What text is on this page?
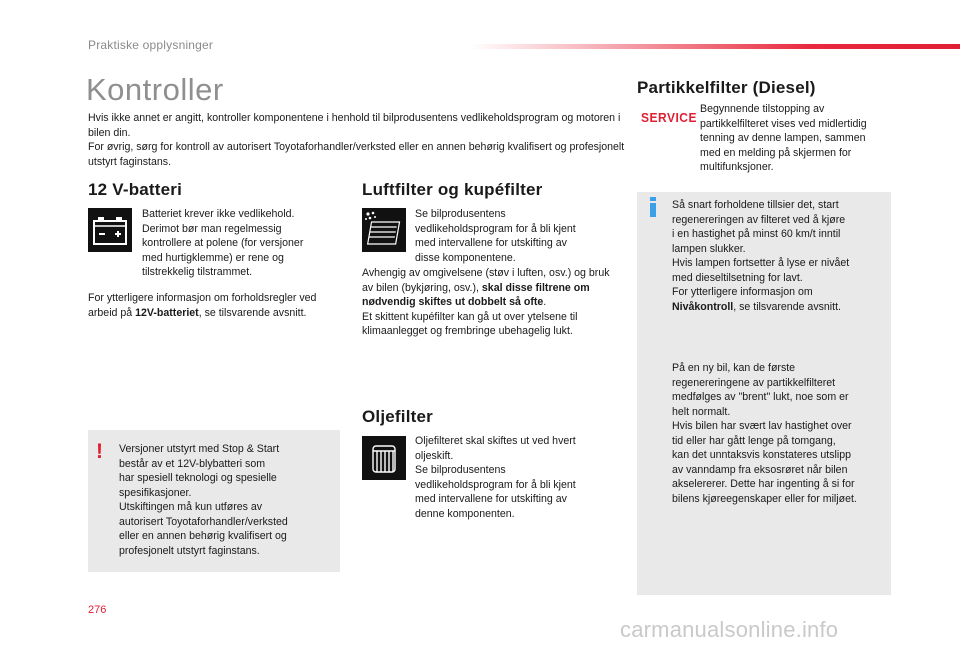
Praktiske opplysninger
Kontroller

Hvis ikke annet er angitt, kontroller komponentene i henhold til bilprodusentens vedlikeholdsprogram og motoren i bilen din.

For øvrig, sørg for kontroll av autorisert Toyotaforhandler/verksted eller en annen behørig kvalifisert og profesjonelt utstyrt faginstans.

12 V-batteri

Batteriet krever ikke vedlikehold.

Derimot bør man regelmessig

kontrollere at polene (for versjoner

med hurtigklemme) er rene og

tilstrekkelig tilstrammet.

For ytterligere informasjon om forholdsregler ved arbeid på 12V-batteriet, se tilsvarende avsnitt.
! Versjoner utstyrt med Stop & Start

består av et 12V-blybatteri som

har spesiell teknologi og spesielle

spesifikasjoner.

Utskiftingen må kun utføres av

autorisert Toyotaforhandler/verksted

eller en annen behørig kvalifisert og

profesjonelt utstyrt faginstans.

Luftfilter og kupéfilter

Se bilprodusentens

vedlikeholdsprogram for å bli kjent

med intervallene for utskifting av

disse komponentene.

Avhengig av omgivelsene (støv i luften, osv.) og bruk av bilen (bykjøring, osv.), skal disse filtrene om nødvendig skiftes ut dobbelt så ofte.

Et skittent kupéfilter kan gå ut over ytelsene til klimaanlegget og frembringe ubehagelig lukt.

Oljefilter

Oljefilteret skal skiftes ut ved hvert

oljeskift.

Se bilprodusentens

vedlikeholdsprogram for å bli kjent

med intervallene for utskifting av

denne komponenten.

Partikkelfilter (Diesel)
SERVICE

Begynnende tilstopping av

partikkelfilteret vises ved midlertidig

tenning av denne lampen, sammen

med en melding på skjermen for

multifunksjoner.

Så snart forholdene tillsier det, start

regenereringen av filteret ved å kjøre

i en hastighet på minst 60 km/t inntil

lampen slukker.

Hvis lampen fortsetter å lyse er nivået

med dieseltilsetning for lavt.

For ytterligere informasjon om

Nivåkontroll, se tilsvarende avsnitt.

På en ny bil, kan de første

regenereringene av partikkelfilteret

medfølges av "brent" lukt, noe som er

helt normalt.

Hvis bilen har svært lav hastighet over

tid eller har gått lenge på tomgang,

kan det unntaksvis konstateres utslipp

av vanndamp fra eksosrøret når bilen

akselererer. Dette har ingenting å si for

bilens kjøreegenskaper eller for miljøet.

276
carmanualsonline.info
